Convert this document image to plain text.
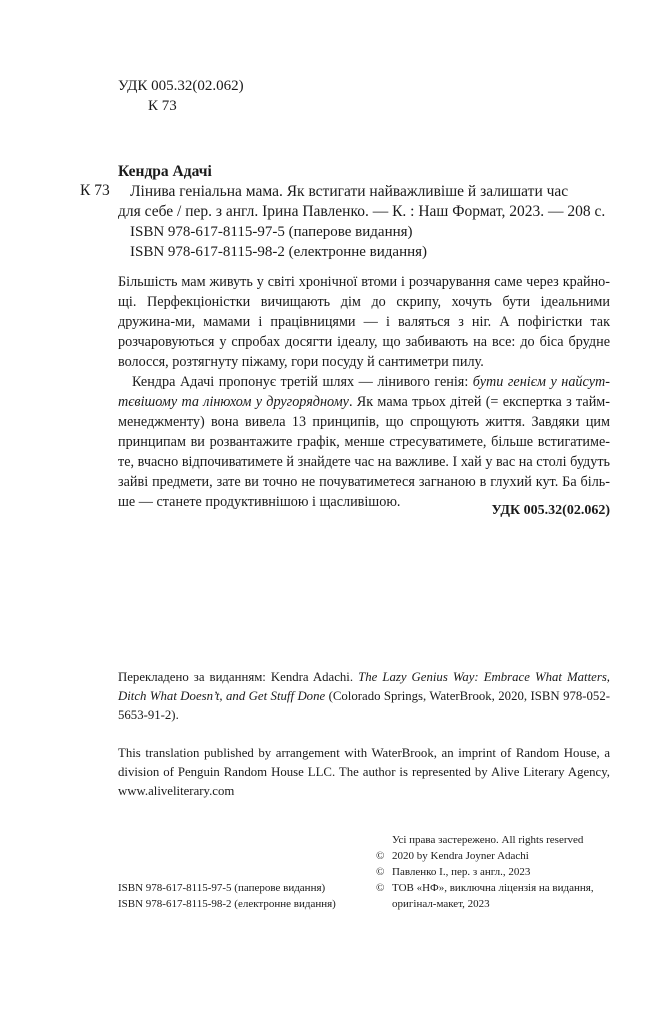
УДК 005.32(02.062)
К 73
Кендра Адачі
К 73	Лінива геніальна мама. Як встигати найважливіше й залишати час
для себе / пер. з англ. Ірина Павленко. — К. : Наш Формат, 2023. — 208 с.
ISBN 978-617-8115-97-5 (паперове видання)
ISBN 978-617-8115-98-2 (електронне видання)

Більшість мам живуть у світі хронічної втоми і розчарування саме через крайно-щі. Перфекціоністки вичищають дім до скрипу, хочуть бути ідеальними дружина-ми, мамами і працівницями — і валяться з ніг. А пофігістки так розчаровуються у спробах досягти ідеалу, що забивають на все: до біса брудне волосся, розтягнуту піжаму, гори посуду й сантиметри пилу.

Кендра Адачі пропонує третій шлях — лінивого генія: бути генієм у найсут-тєвішому та лінюхом у другорядному. Як мама трьох дітей (= експертка з тайм-менеджменту) вона вивела 13 принципів, що спрощують життя. Завдяки цим принципам ви розвантажите графік, менше стресуватимете, більше встигатиме-те, вчасно відпочиватимете й знайдете час на важливе. І хай у вас на столі будуть зайві предмети, зате ви точно не почуватиметеся загнаною в глухий кут. Ба біль-ше — станете продуктивнішою і щасливішою.

УДК 005.32(02.062)
Перекладено за виданням: Kendra Adachi. The Lazy Genius Way: Embrace What Matters, Ditch What Doesn’t, and Get Stuff Done (Colorado Springs, WaterBrook, 2020, ISBN 978-052-5653-91-2).
This translation published by arrangement with WaterBrook, an imprint of Random House, a division of Penguin Random House LLC. The author is represented by Alive Literary Agency, www.aliveliterary.com
Усі права застережено. All rights reserved
© 2020 by Kendra Joyner Adachi
© Павленко І., пер. з англ., 2023
© ТОВ «НФ», виключна ліцензія на видання,
оригінал-макет, 2023
ISBN 978-617-8115-97-5 (паперове видання)
ISBN 978-617-8115-98-2 (електронне видання)
